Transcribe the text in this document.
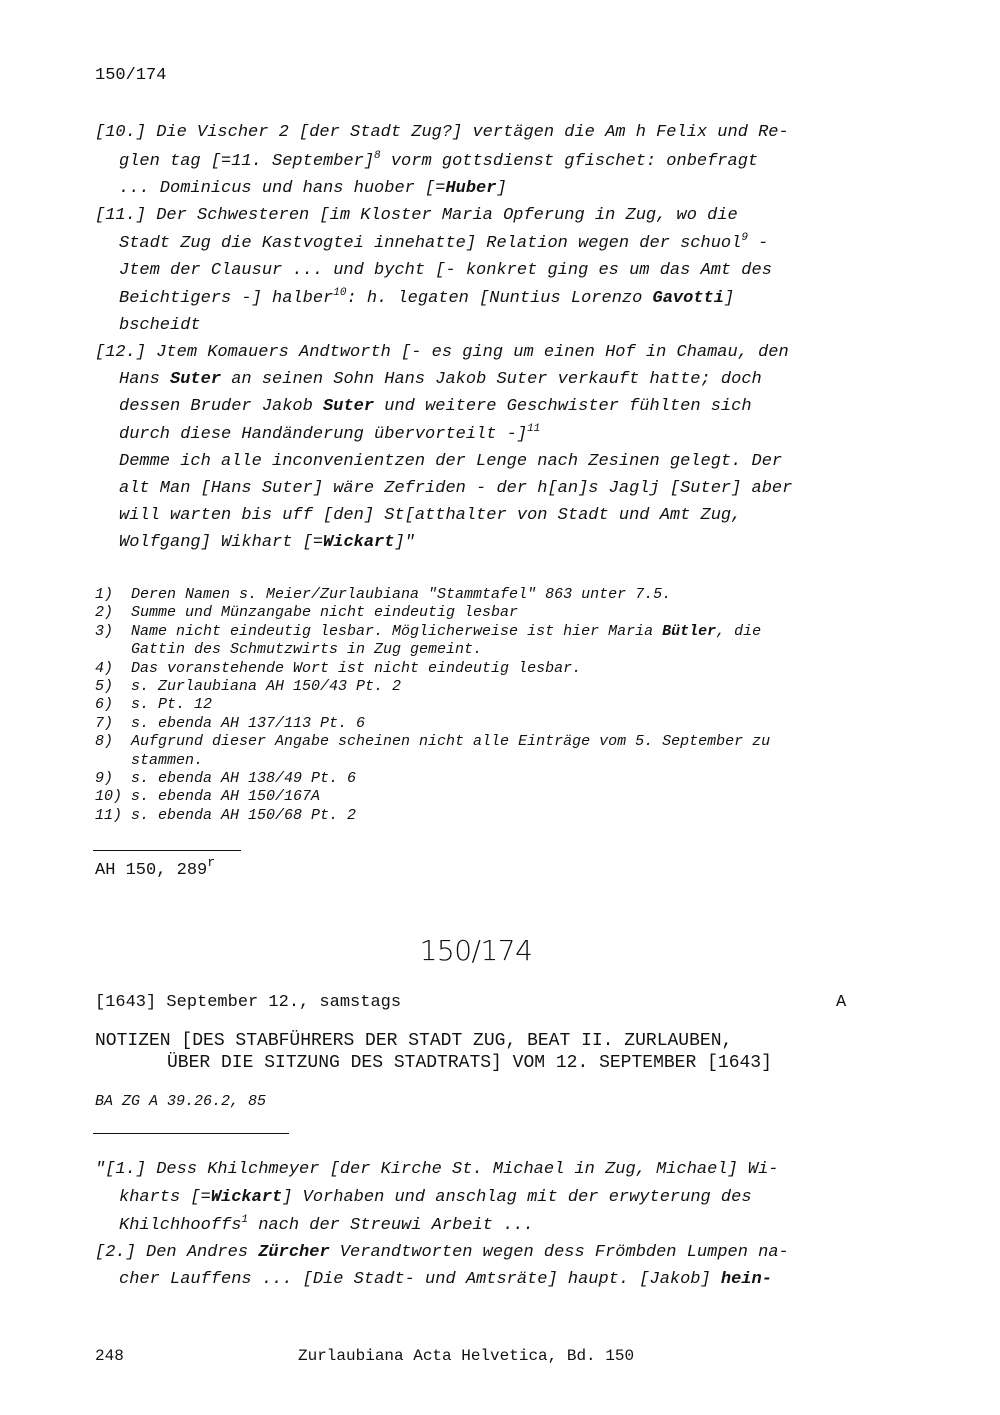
150/174
[10.] Die Vischer 2 [der Stadt Zug?] vertägen die Am h Felix und Re-
glen tag [=11. September]$^8$ vorm gottsdienst gfischet: onbefragt
... Dominicus und hans huober [=Huber]
[11.] Der Schwesteren [im Kloster Maria Opferung in Zug, wo die
Stadt Zug die Kastvogtei innehatte] Relation wegen der schuol$^9$ -
Jtem der Clausur ... und bycht [- konkret ging es um das Amt des
Beichtigers -] halber$^{10}$: h. legaten [Nuntius Lorenzo Gavotti]
bscheidt
[12.] Jtem Komauers Andtworth [- es ging um einen Hof in Chamau, den
Hans Suter an seinen Sohn Hans Jakob Suter verkauft hatte; doch
dessen Bruder Jakob Suter und weitere Geschwister fühlten sich
durch diese Handänderung übervorteilt -]$^{11}$
Demme ich alle inconvenientzen der Lenge nach Zesinen gelegt. Der
alt Man [Hans Suter] wäre Zefriden - der h[an]s Jaglj [Suter] aber
will warten bis uff [den] St[atthalter von Stadt und Amt Zug,
Wolfgang] Wikhart [=Wickart]"
1) Deren Namen s. Meier/Zurlaubiana "Stammtafel" 863 unter 7.5.
2) Summe und Münzangabe nicht eindeutig lesbar
3) Name nicht eindeutig lesbar. Möglicherweise ist hier Maria Bütler, die
Gattin des Schmutzwirts in Zug gemeint.
4) Das voranstehende Wort ist nicht eindeutig lesbar.
5) s. Zurlaubiana AH 150/43 Pt. 2
6) s. Pt. 12
7) s. ebenda AH 137/113 Pt. 6
8) Aufgrund dieser Angabe scheinen nicht alle Einträge vom 5. September zu
stammen.
9) s. ebenda AH 138/49 Pt. 6
10) s. ebenda AH 150/167A
11) s. ebenda AH 150/68 Pt. 2
AH 150, 289$^r$
150/174
[1643] September 12., samstags	A
NOTIZEN [DES STABFÜHRERS DER STADT ZUG, BEAT II. ZURLAUBEN,
ÜBER DIE SITZUNG DES STADTRATS] VOM 12. SEPTEMBER [1643]
BA ZG A 39.26.2, 85
"[1.] Dess Khilchmeyer [der Kirche St. Michael in Zug, Michael] Wi-
kharts [=Wickart] Vorhaben und anschlag mit der erwyterung des
Khilchhooffs$^1$ nach der Streuwi Arbeit ...
[2.] Den Andres Zürcher Verandtworten wegen dess Frömbden Lumpen na-
cher Lauffens ... [Die Stadt- und Amtsräte] haupt. [Jakob] hein-
248	Zurlaubiana Acta Helvetica, Bd. 150
